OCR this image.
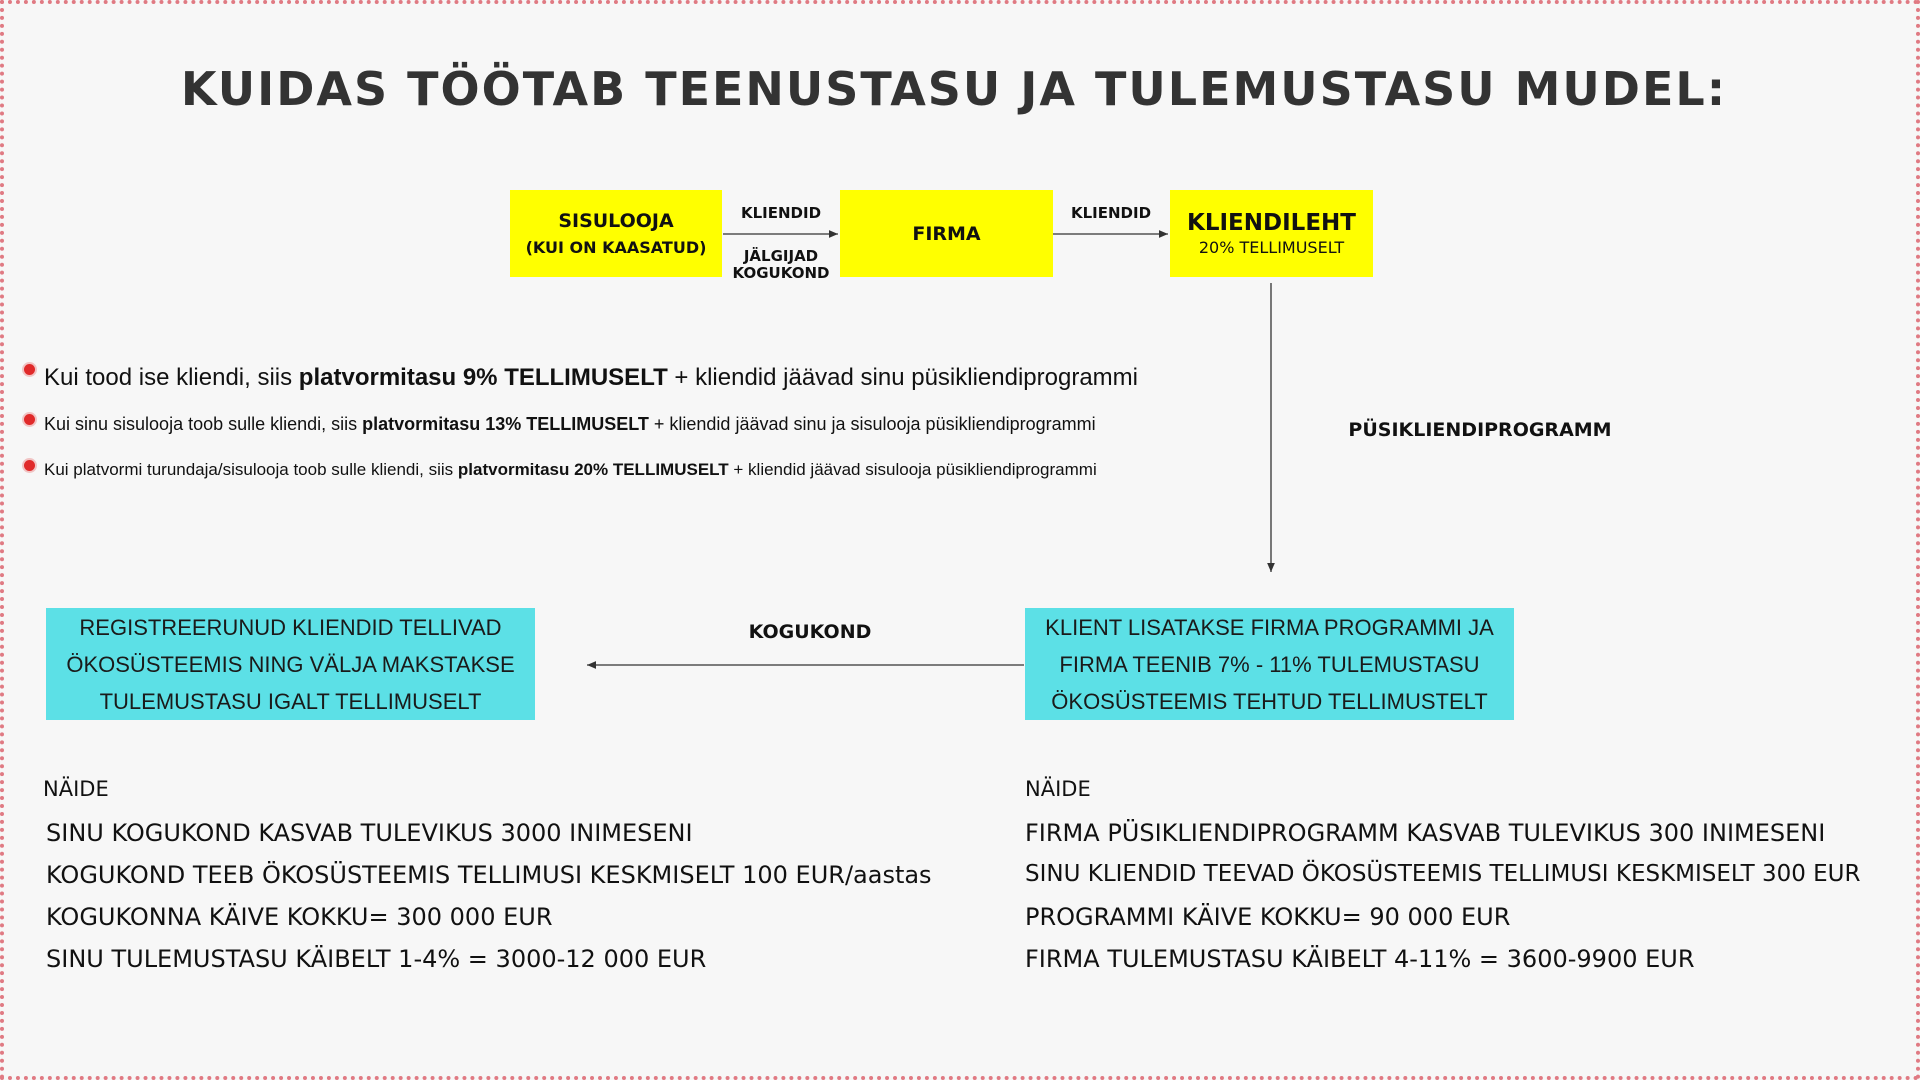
KUIDAS TÖÖTAB TEENUSTASU JA TULEMUSTASU MUDEL:
SISULOOJA
(KUI ON KAASATUD)
FIRMA	KLIENDILEHT
20% TELLIMUSELT
KLIENDID
JÄLGIJAD
KOGUKOND
KLIENDID
PÜSIKLIENDIPROGRAMM
KOGUKOND
Kui tood ise kliendi, siis platvormitasu 9% TELLIMUSELT + kliendid jäävad sinu püsikliendiprogrammi
Kui sinu sisulooja toob sulle kliendi, siis platvormitasu 13% TELLIMUSELT + kliendid jäävad sinu ja sisulooja püsikliendiprogrammi
Kui platvormi turundaja/sisulooja toob sulle kliendi, siis platvormitasu 20% TELLIMUSELT + kliendid jäävad sisulooja püsikliendiprogrammi
REGISTREERUNUD KLIENDID TELLIVAD
ÖKOSÜSTEEMIS NING VÄLJA MAKSTAKSE
TULEMUSTASU IGALT TELLIMUSELT
KLIENT LISATAKSE FIRMA PROGRAMMI JA
FIRMA TEENIB 7% - 11% TULEMUSTASU
ÖKOSÜSTEEMIS TEHTUD TELLIMUSTELT
NÄIDE
SINU KOGUKOND KASVAB TULEVIKUS 3000 INIMESENI
KOGUKOND TEEB ÖKOSÜSTEEMIS TELLIMUSI KESKMISELT 100 EUR/aastas
KOGUKONNA KÄIVE KOKKU= 300 000 EUR
SINU TULEMUSTASU KÄIBELT 1-4% = 3000-12 000 EUR
NÄIDE
FIRMA PÜSIKLIENDIPROGRAMM KASVAB TULEVIKUS 300 INIMESENI
SINU KLIENDID TEEVAD ÖKOSÜSTEEMIS TELLIMUSI KESKMISELT 300 EUR
PROGRAMMI KÄIVE KOKKU= 90 000 EUR
FIRMA TULEMUSTASU KÄIBELT 4-11% = 3600-9900 EUR
